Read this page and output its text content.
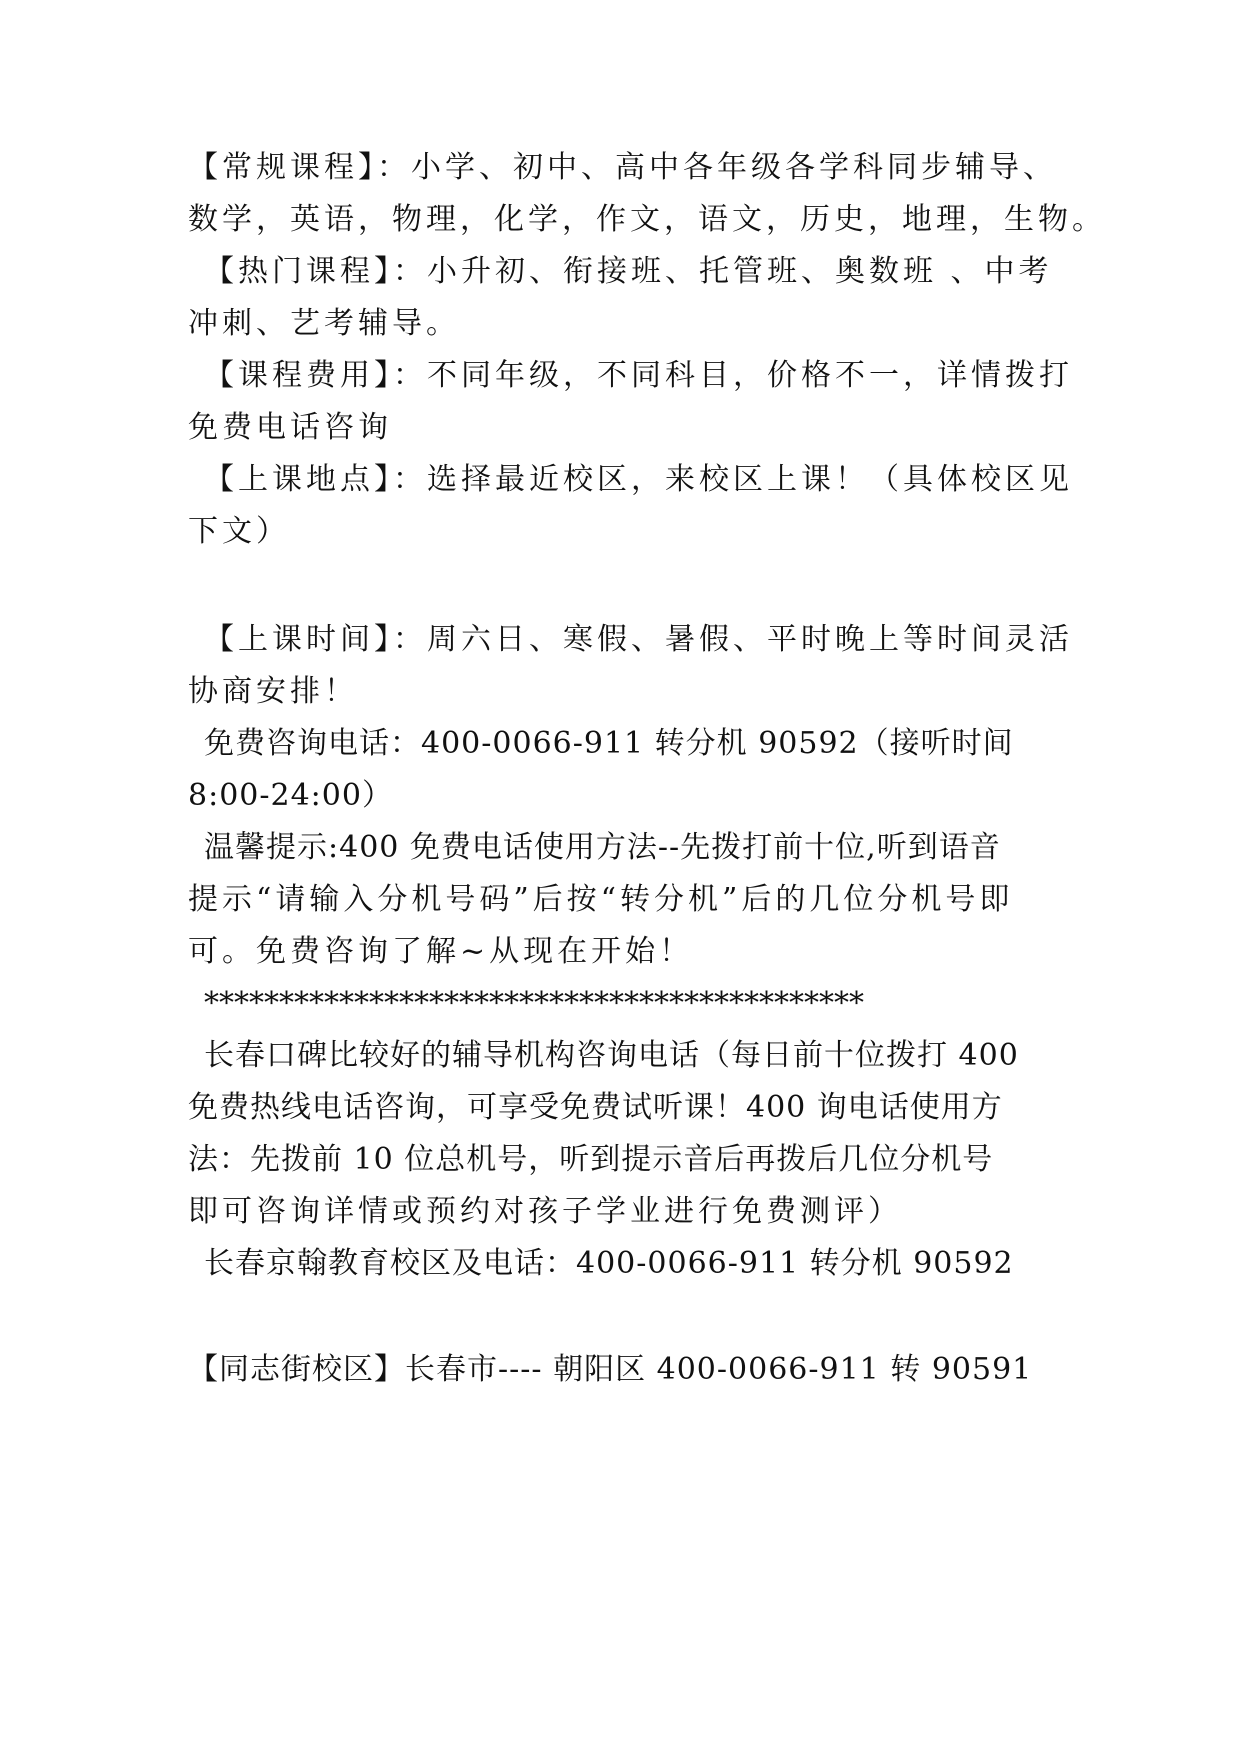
【常规课程】：小学、初中、高中各年级各学科同步辅导、
数学，英语，物理，化学，作文，语文，历史，地理，生物。
【热门课程】：小升初、衔接班、托管班、奥数班 、中考
冲刺、艺考辅导。
【课程费用】：不同年级，不同科目，价格不一，详情拨打
免费电话咨询
【上课地点】：选择最近校区，来校区上课！（具体校区见
下文）
【上课时间】：周六日、寒假、暑假、平时晚上等时间灵活
协商安排！
免费咨询电话：400-0066-911 转分机 90592（接听时间
8:00-24:00）
温馨提示:400 免费电话使用方法--先拨打前十位,听到语音
提示“请输入分机号码”后按“转分机”后的几位分机号即
可。免费咨询了解~从现在开始！
********************************************
长春口碑比较好的辅导机构咨询电话（每日前十位拨打 400
免费热线电话咨询，可享受免费试听课！400 询电话使用方
法：先拨前 10 位总机号，听到提示音后再拨后几位分机号
即可咨询详情或预约对孩子学业进行免费测评）
长春京翰教育校区及电话：400-0066-911 转分机 90592
【同志街校区】长春市---- 朝阳区 400-0066-911 转 90591
